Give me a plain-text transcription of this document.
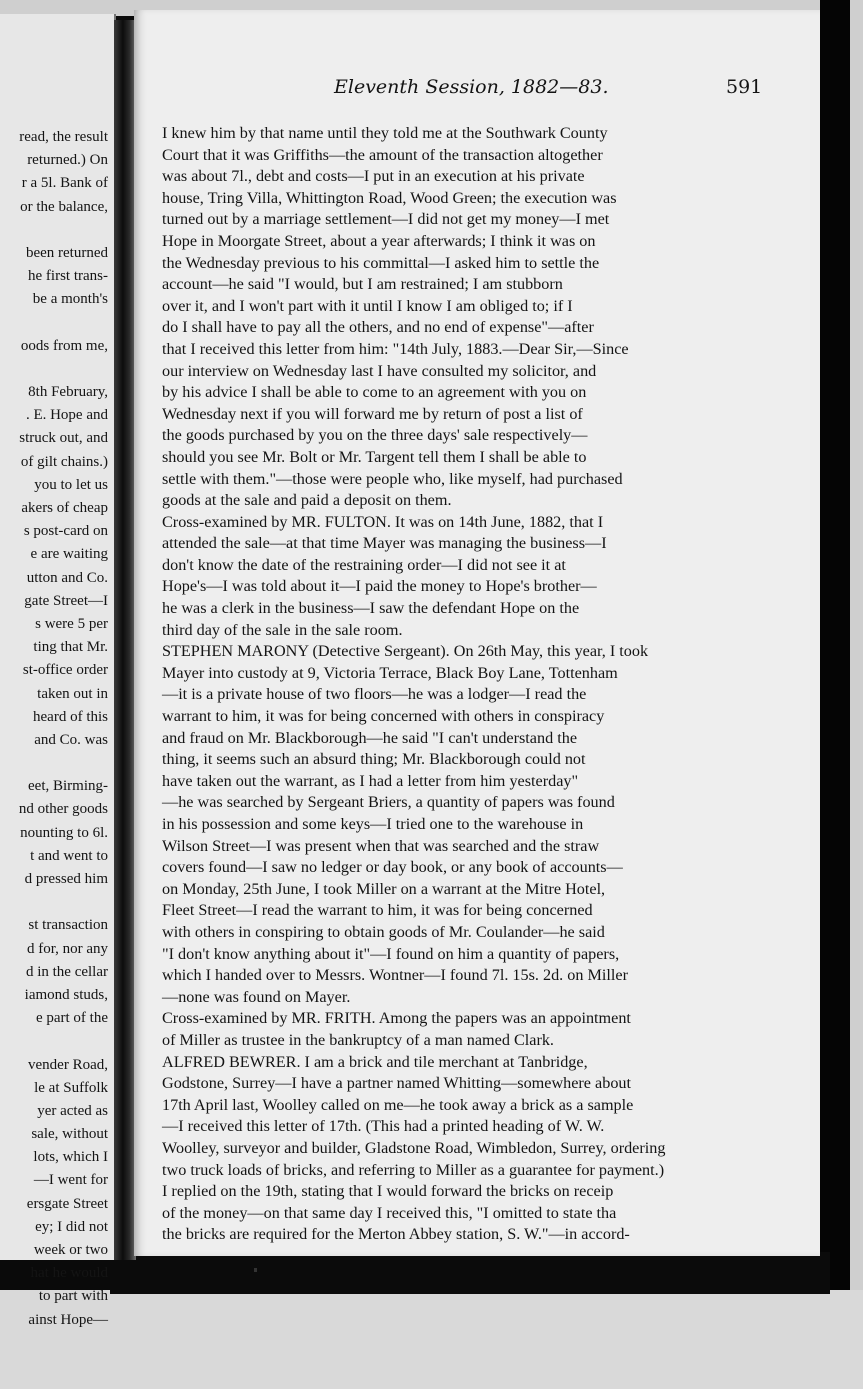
read, the result
returned.) On
r a 5l. Bank of
or the balance,
been returned
he first trans-
be a month's
oods from me,
8th February,
. E. Hope and
struck out, and
of gilt chains.)
you to let us
akers of cheap
s post-card on
e are waiting
utton and Co.
gate Street—I
s were 5 per
ting that Mr.
st-office order
taken out in
heard of this
and Co. was
eet, Birming-
nd other goods
nounting to 6l.
t and went to
d pressed him
st transaction
d for, nor any
d in the cellar
iamond studs,
e part of the
vender Road,
le at Suffolk
yer acted as
sale, without
lots, which I
—I went for
ersgate Street
ey; I did not
week or two
hat he would
to part with
ainst Hope—
Eleventh Session, 1882—83.	591
I knew him by that name until they told me at the Southwark County
Court that it was Griffiths—the amount of the transaction altogether
was about 7l., debt and costs—I put in an execution at his private
house, Tring Villa, Whittington Road, Wood Green; the execution was
turned out by a marriage settlement—I did not get my money—I met
Hope in Moorgate Street, about a year afterwards; I think it was on
the Wednesday previous to his committal—I asked him to settle the
account—he said "I would, but I am restrained; I am stubborn
over it, and I won't part with it until I know I am obliged to; if I
do I shall have to pay all the others, and no end of expense"—after
that I received this letter from him: "14th July, 1883.—Dear Sir,—Since
our interview on Wednesday last I have consulted my solicitor, and
by his advice I shall be able to come to an agreement with you on
Wednesday next if you will forward me by return of post a list of
the goods purchased by you on the three days' sale respectively—
should you see Mr. Bolt or Mr. Targent tell them I shall be able to
settle with them."—those were people who, like myself, had purchased
goods at the sale and paid a deposit on them.
Cross-examined by MR. FULTON. It was on 14th June, 1882, that I
attended the sale—at that time Mayer was managing the business—I
don't know the date of the restraining order—I did not see it at
Hope's—I was told about it—I paid the money to Hope's brother—
he was a clerk in the business—I saw the defendant Hope on the
third day of the sale in the sale room.
STEPHEN MARONY (Detective Sergeant). On 26th May, this year, I took
Mayer into custody at 9, Victoria Terrace, Black Boy Lane, Tottenham
—it is a private house of two floors—he was a lodger—I read the
warrant to him, it was for being concerned with others in conspiracy
and fraud on Mr. Blackborough—he said "I can't understand the
thing, it seems such an absurd thing; Mr. Blackborough could not
have taken out the warrant, as I had a letter from him yesterday"
—he was searched by Sergeant Briers, a quantity of papers was found
in his possession and some keys—I tried one to the warehouse in
Wilson Street—I was present when that was searched and the straw
covers found—I saw no ledger or day book, or any book of accounts—
on Monday, 25th June, I took Miller on a warrant at the Mitre Hotel,
Fleet Street—I read the warrant to him, it was for being concerned
with others in conspiring to obtain goods of Mr. Coulander—he said
"I don't know anything about it"—I found on him a quantity of papers,
which I handed over to Messrs. Wontner—I found 7l. 15s. 2d. on Miller
—none was found on Mayer.
Cross-examined by MR. FRITH. Among the papers was an appointment
of Miller as trustee in the bankruptcy of a man named Clark.
ALFRED BEWRER. I am a brick and tile merchant at Tanbridge,
Godstone, Surrey—I have a partner named Whitting—somewhere about
17th April last, Woolley called on me—he took away a brick as a sample
—I received this letter of 17th. (This had a printed heading of W. W.
Woolley, surveyor and builder, Gladstone Road, Wimbledon, Surrey, ordering
two truck loads of bricks, and referring to Miller as a guarantee for payment.)
I replied on the 19th, stating that I would forward the bricks on receip
of the money—on that same day I received this, "I omitted to state tha
the bricks are required for the Merton Abbey station, S. W."—in accord-
